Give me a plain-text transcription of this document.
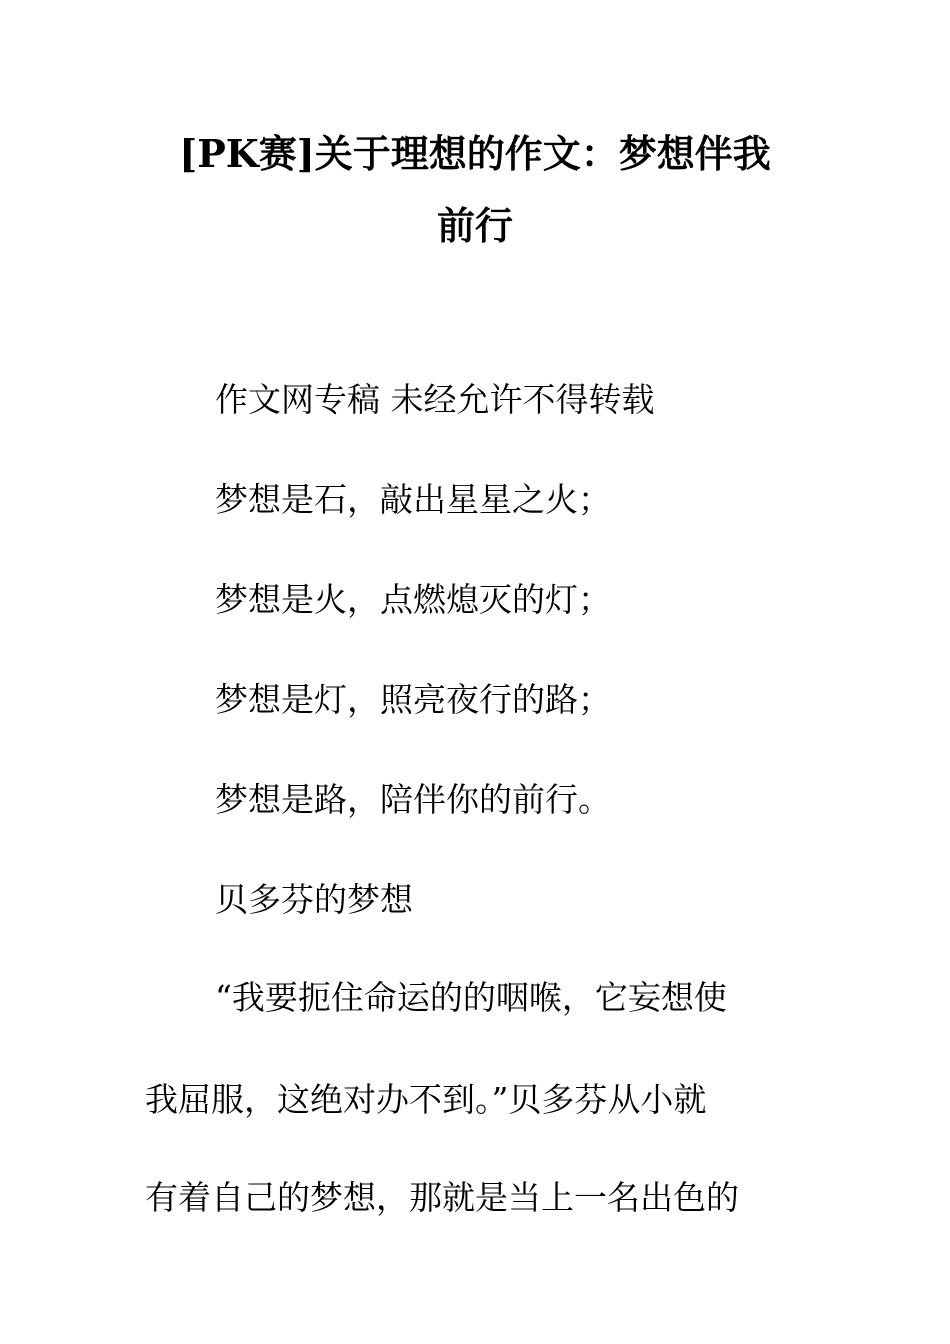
[PK赛]关于理想的作文：梦想伴我
前行

作文网专稿 未经允许不得转载

梦想是石，敲出星星之火；

梦想是火，点燃熄灭的灯；

梦想是灯，照亮夜行的路；

梦想是路，陪伴你的前行。

贝多芬的梦想

“我要扼住命运的的咽喉，它妄想使

我屈服，这绝对办不到。”贝多芬从小就

有着自己的梦想，那就是当上一名出色的
